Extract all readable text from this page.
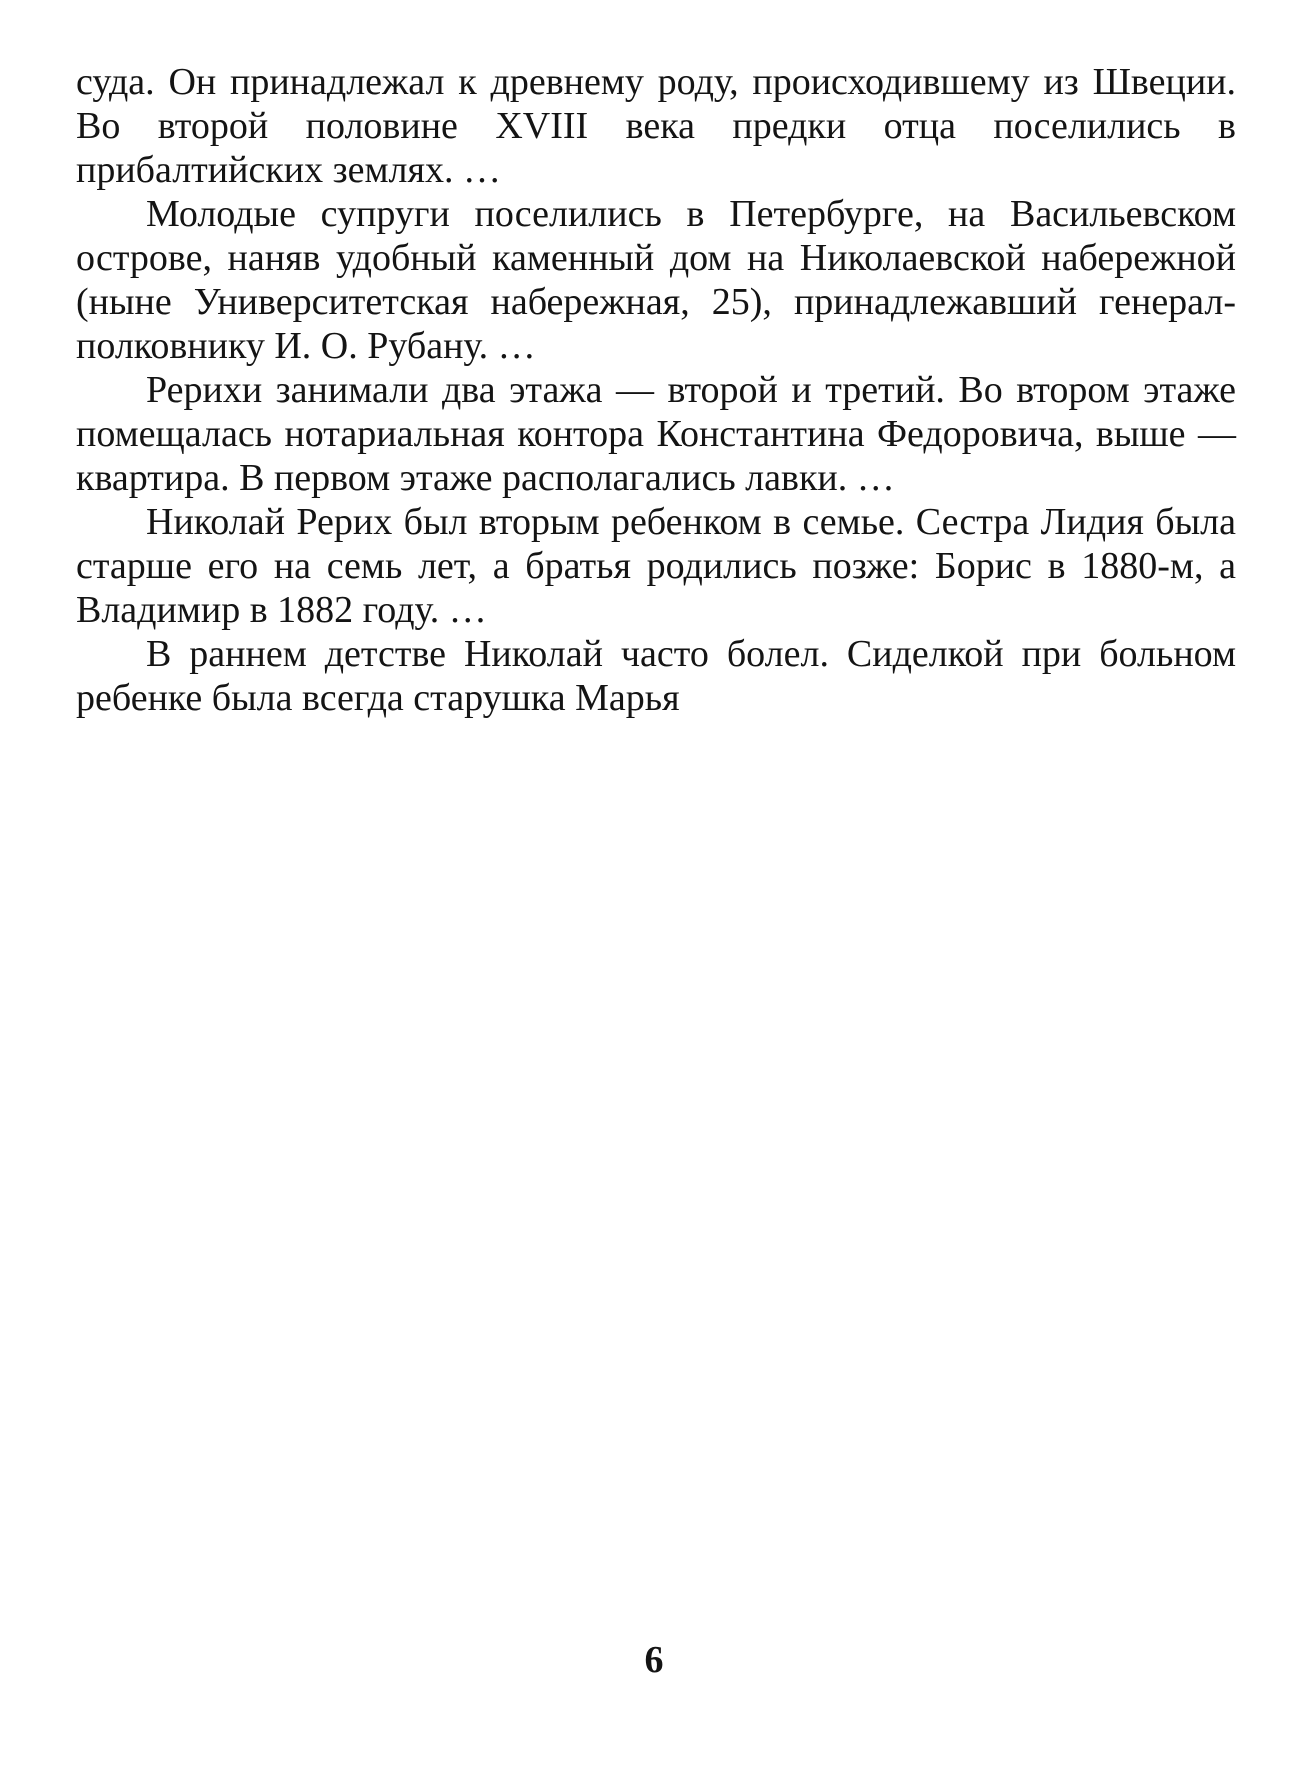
суда. Он принадлежал к древнему роду, происходившему из Швеции. Во второй половине XVIII века предки отца поселились в прибалтийских землях. …

Молодые супруги поселились в Петербурге, на Васильевском острове, наняв удобный каменный дом на Николаевской набережной (ныне Университетская набережная, 25), принадлежавший генерал-полковнику И. О. Рубану. …

Рерихи занимали два этажа — второй и третий. Во втором этаже помещалась нотариальная контора Константина Федоровича, выше — квартира. В первом этаже располагались лавки. …

Николай Рерих был вторым ребенком в семье. Сестра Лидия была старше его на семь лет, а братья родились позже: Борис в 1880-м, а Владимир в 1882 году. …

В раннем детстве Николай часто болел. Сиделкой при больном ребенке была всегда старушка Марья

6
